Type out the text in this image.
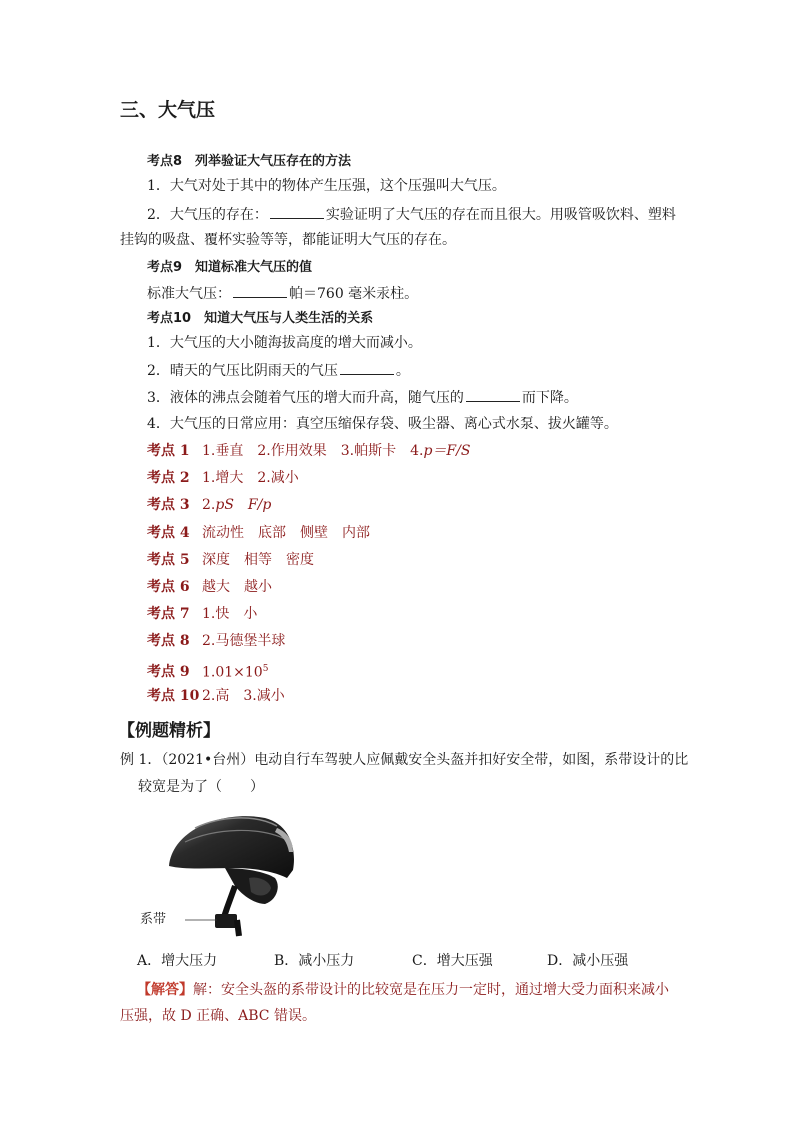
三、大气压
考点8　列举验证大气压存在的方法
1．大气对处于其中的物体产生压强，这个压强叫大气压。
2．大气压的存在：	实验证明了大气压的存在而且很大。用吸管吸饮料、塑料
挂钩的吸盘、覆杯实验等等，都能证明大气压的存在。
考点9　知道标准大气压的值
标准大气压：	帕＝760 毫米汞柱。
考点10　知道大气压与人类生活的关系
1．大气压的大小随海拔高度的增大而减小。
2．晴天的气压比阴雨天的气压	。
3．液体的沸点会随着气压的增大而升高，随气压的	而下降。
4．大气压的日常应用：真空压缩保存袋、吸尘器、离心式水泵、拔火罐等。
考点 1 1.垂直　2.作用效果　3.帕斯卡　4.p＝F/S
考点 2 1.增大　2.减小
考点 3 2.pS　F/p
考点 4 流动性　底部　侧壁　内部
考点 5 深度　相等　密度
考点 6 越大　越小
考点 7 1.快　小
考点 8 2.马德堡半球
考点 9 $1.01\times 10^5$
考点 10 2.高　3.减小
【例题精析】
例 1．（2021•台州）电动自行车驾驶人应佩戴安全头盔并扣好安全带，如图，系带设计的比
较宽是为了（　　）
系带
A．增大压力	B．减小压力	C．增大压强	D．减小压强
【解答】解：安全头盔的系带设计的比较宽是在压力一定时，通过增大受力面积来减小
压强，故 D 正确、ABC 错误。
